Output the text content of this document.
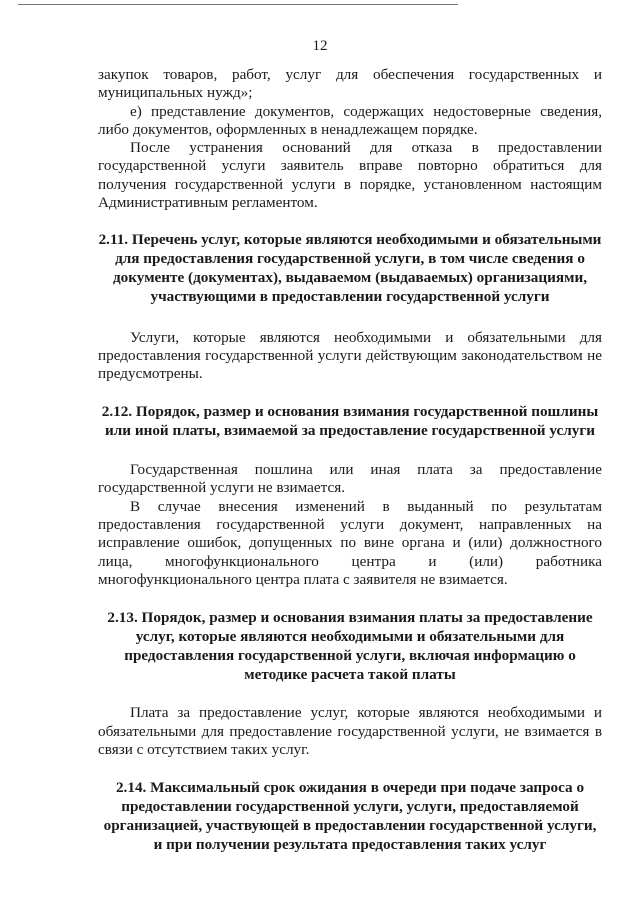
12

закупок товаров, работ, услуг для обеспечения государственных и муниципальных нужд»;

е) представление документов, содержащих недостоверные сведения, либо документов, оформленных в ненадлежащем порядке.

После устранения оснований для отказа в предоставлении государственной услуги заявитель вправе повторно обратиться для получения государственной услуги в порядке, установленном настоящим Административным регламентом.

2.11. Перечень услуг, которые являются необходимыми и обязательными для предоставления государственной услуги, в том числе сведения о документе (документах), выдаваемом (выдаваемых) организациями, участвующими в предоставлении государственной услуги

Услуги, которые являются необходимыми и обязательными для предоставления государственной услуги действующим законодательством не предусмотрены.

2.12. Порядок, размер и основания взимания государственной пошлины или иной платы, взимаемой за предоставление государственной услуги

Государственная пошлина или иная плата за предоставление государственной услуги не взимается.

В случае внесения изменений в выданный по результатам предоставления государственной услуги документ, направленных на исправление ошибок, допущенных по вине органа и (или) должностного лица, многофункционального центра и (или) работника многофункционального центра плата с заявителя не взимается.

2.13. Порядок, размер и основания взимания платы за предоставление услуг, которые являются необходимыми и обязательными для предоставления государственной услуги, включая информацию о методике расчета такой платы

Плата за предоставление услуг, которые являются необходимыми и обязательными для предоставление государственной услуги, не взимается в связи с отсутствием таких услуг.

2.14. Максимальный срок ожидания в очереди при подаче запроса о предоставлении государственной услуги, услуги, предоставляемой организацией, участвующей в предоставлении государственной услуги, и при получении результата предоставления таких услуг
